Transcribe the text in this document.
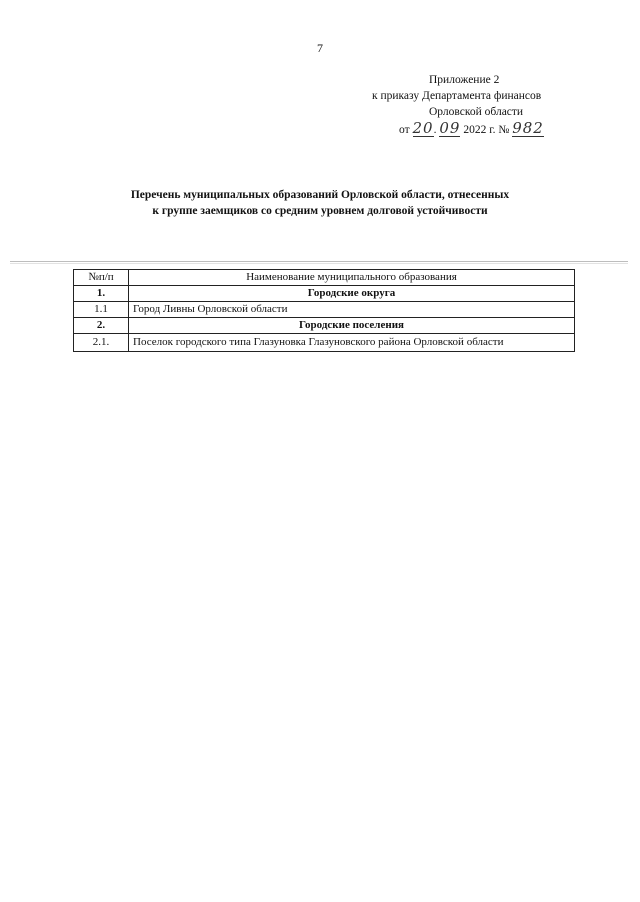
7
Приложение 2
к приказу Департамента финансов
Орловской области
от 20. 09 2022 г. № 982
Перечень муниципальных образований Орловской области, отнесенных
к группе заемщиков со средним уровнем долговой устойчивости
№п/п	Наименование муниципального образования
1.	Городские округа
1.1	Город Ливны Орловской области
2.	Городские поселения
2.1.	Поселок городского типа Глазуновка Глазуновского района Орловской области
